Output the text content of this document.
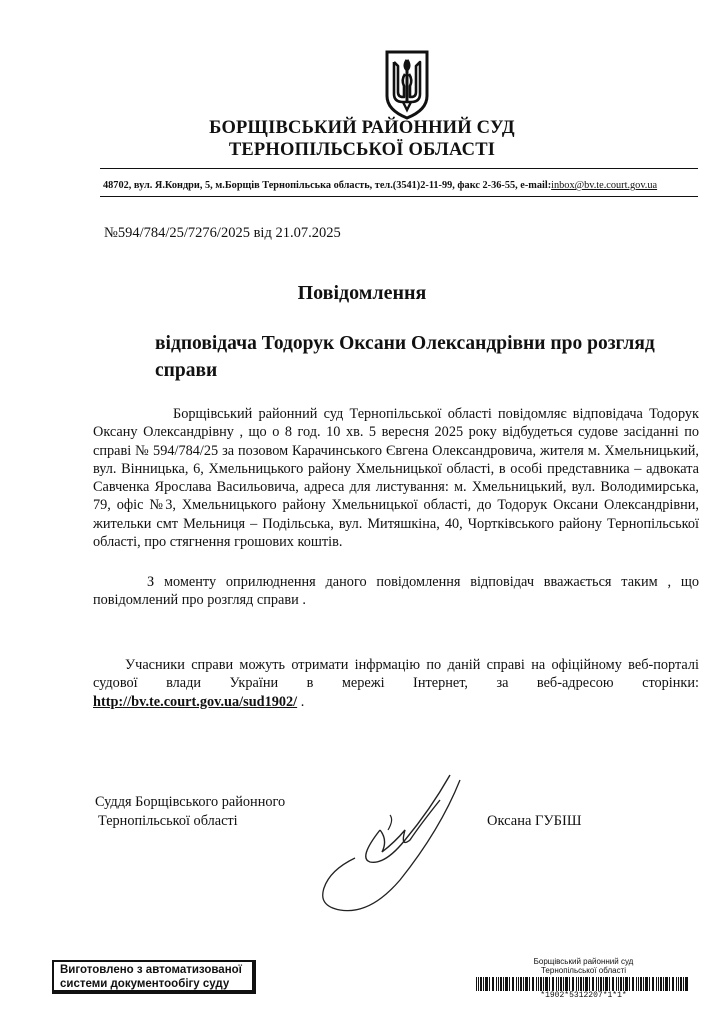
БОРЩІВСЬКИЙ РАЙОННИЙ СУД
ТЕРНОПІЛЬСЬКОЇ ОБЛАСТІ
48702, вул. Я.Кондри, 5, м.Борщів Тернопільська область, тел.(3541)2-11-99, факс 2-36-55, e-mail:inbox@bv.te.court.gov.ua
№594/784/25/7276/2025 від 21.07.2025
Повідомлення
відповідача Тодорук Оксани Олександрівни про розгляд
справи
Борщівський районний суд Тернопільської області повідомляє відповідача Тодорук Оксану Олександрівну , що о 8 год. 10 хв. 5 вересня 2025 року відбудеться судове засіданні по справі № 594/784/25 за позовом Карачинського Євгена Олександровича, жителя м. Хмельницький, вул. Вінницька, 6, Хмельницького району Хмельницької області, в особі представника – адвоката Савченка Ярослава Васильовича, адреса для листування: м. Хмельницький, вул. Володимирська, 79, офіс №3, Хмельницького району Хмельницької області, до Тодорук Оксани Олександрівни, жительки смт Мельниця – Подільська, вул. Митяшкіна, 40, Чортківського району Тернопільської області, про стягнення грошових коштів.
З моменту оприлюднення даного повідомлення відповідач вважається таким , що повідомлений про розгляд справи .
Учасники справи можуть отримати інфрмацію по даній справі на офіційному веб-порталі судової влади України в мережі Інтернет, за веб-адресою сторінки: http://bv.te.court.gov.ua/sud1902/ .
Суддя Борщівського районного
Тернопільської області	Оксана ГУБІШ
Виготовлено з автоматизованої
системи документообігу суду
Борщівський районний суд
Тернопільської області
*1902*5312207*1*1*
